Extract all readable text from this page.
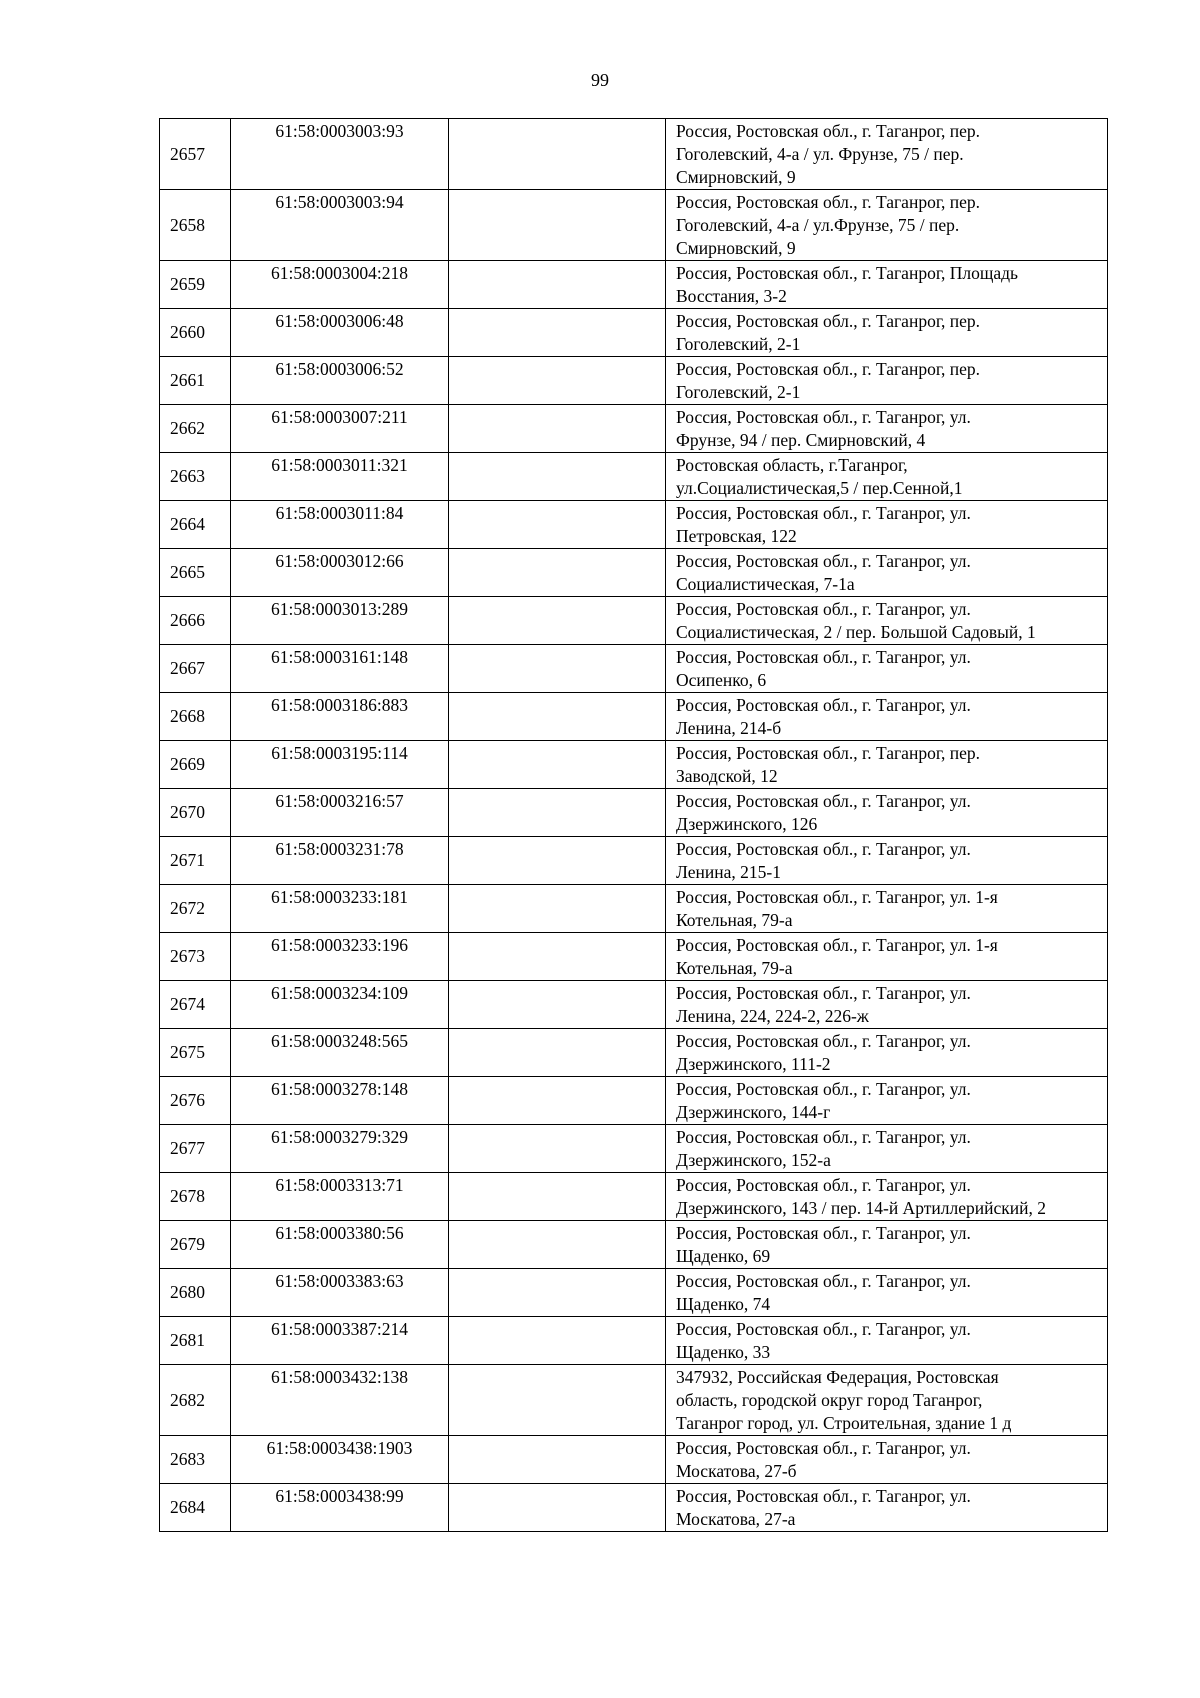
99
2657	61:58:0003003:93		Россия, Ростовская обл., г. Таганрог, пер.
Гоголевский, 4-а / ул. Фрунзе, 75 / пер.
Смирновский, 9
2658	61:58:0003003:94		Россия, Ростовская обл., г. Таганрог, пер.
Гоголевский, 4-а / ул.Фрунзе, 75 / пер.
Смирновский, 9
2659	61:58:0003004:218		Россия, Ростовская обл., г. Таганрог, Площадь
Восстания, 3-2
2660	61:58:0003006:48		Россия, Ростовская обл., г. Таганрог, пер.
Гоголевский, 2-1
2661	61:58:0003006:52		Россия, Ростовская обл., г. Таганрог, пер.
Гоголевский, 2-1
2662	61:58:0003007:211		Россия, Ростовская обл., г. Таганрог, ул.
Фрунзе, 94 / пер. Смирновский, 4
2663	61:58:0003011:321		Ростовская область, г.Таганрог,
ул.Социалистическая,5 / пер.Сенной,1
2664	61:58:0003011:84		Россия, Ростовская обл., г. Таганрог, ул.
Петровская, 122
2665	61:58:0003012:66		Россия, Ростовская обл., г. Таганрог, ул.
Социалистическая, 7-1а
2666	61:58:0003013:289		Россия, Ростовская обл., г. Таганрог, ул.
Социалистическая, 2 / пер. Большой Садовый, 1
2667	61:58:0003161:148		Россия, Ростовская обл., г. Таганрог, ул.
Осипенко, 6
2668	61:58:0003186:883		Россия, Ростовская обл., г. Таганрог, ул.
Ленина, 214-б
2669	61:58:0003195:114		Россия, Ростовская обл., г. Таганрог, пер.
Заводской, 12
2670	61:58:0003216:57		Россия, Ростовская обл., г. Таганрог, ул.
Дзержинского, 126
2671	61:58:0003231:78		Россия, Ростовская обл., г. Таганрог, ул.
Ленина, 215-1
2672	61:58:0003233:181		Россия, Ростовская обл., г. Таганрог, ул. 1-я
Котельная, 79-а
2673	61:58:0003233:196		Россия, Ростовская обл., г. Таганрог, ул. 1-я
Котельная, 79-а
2674	61:58:0003234:109		Россия, Ростовская обл., г. Таганрог, ул.
Ленина, 224, 224-2, 226-ж
2675	61:58:0003248:565		Россия, Ростовская обл., г. Таганрог, ул.
Дзержинского, 111-2
2676	61:58:0003278:148		Россия, Ростовская обл., г. Таганрог, ул.
Дзержинского, 144-г
2677	61:58:0003279:329		Россия, Ростовская обл., г. Таганрог, ул.
Дзержинского, 152-а
2678	61:58:0003313:71		Россия, Ростовская обл., г. Таганрог, ул.
Дзержинского, 143 / пер. 14-й Артиллерийский, 2
2679	61:58:0003380:56		Россия, Ростовская обл., г. Таганрог, ул.
Щаденко, 69
2680	61:58:0003383:63		Россия, Ростовская обл., г. Таганрог, ул.
Щаденко, 74
2681	61:58:0003387:214		Россия, Ростовская обл., г. Таганрог, ул.
Щаденко, 33
2682	61:58:0003432:138		347932, Российская Федерация, Ростовская
область, городской округ город Таганрог,
Таганрог город, ул. Строительная, здание 1 д
2683	61:58:0003438:1903		Россия, Ростовская обл., г. Таганрог, ул.
Москатова, 27-б
2684	61:58:0003438:99		Россия, Ростовская обл., г. Таганрог, ул.
Москатова, 27-а
